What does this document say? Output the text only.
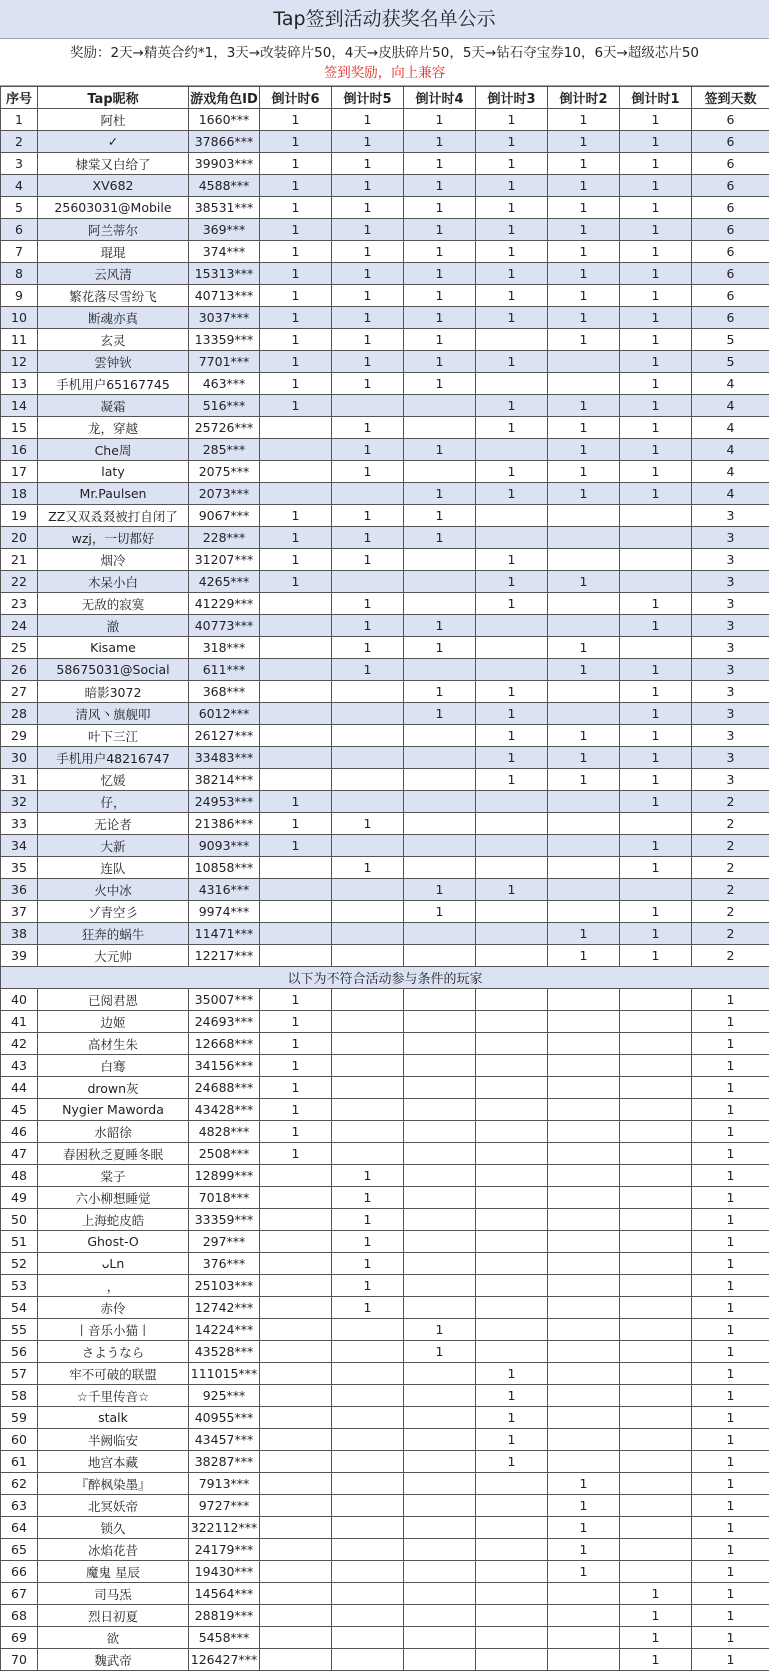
Tap签到活动获奖名单公示
奖励：2天→精英合约*1，3天→改装碎片50，4天→皮肤碎片50，5天→钻石夺宝券10，6天→超级芯片50
签到奖励，向上兼容
序号	Tap昵称	游戏角色ID	倒计时6	倒计时5	倒计时4	倒计时3	倒计时2	倒计时1	签到天数
1	阿杜	1660***	1	1	1	1	1	1	6
2	✓	37866***	1	1	1	1	1	1	6
3	棣棠又白给了	39903***	1	1	1	1	1	1	6
4	XV682	4588***	1	1	1	1	1	1	6
5	25603031@Mobile	38531***	1	1	1	1	1	1	6
6	阿兰蒂尔	369***	1	1	1	1	1	1	6
7	琨琨	374***	1	1	1	1	1	1	6
8	云风清	15313***	1	1	1	1	1	1	6
9	繁花落尽雪纷飞	40713***	1	1	1	1	1	1	6
10	断魂亦真	3037***	1	1	1	1	1	1	6
11	玄灵	13359***	1	1	1		1	1	5
12	雲钟钬	7701***	1	1	1	1		1	5
13	手机用户65167745	463***	1	1	1			1	4
14	凝霜	516***	1			1	1	1	4
15	龙，穿越	25726***		1		1	1	1	4
16	Che周	285***		1	1		1	1	4
17	laty	2075***		1		1	1	1	4
18	Mr.Paulsen	2073***			1	1	1	1	4
19	ZZ又双叒叕被打自闭了	9067***	1	1	1				3
20	wzj，一切都好	228***	1	1	1				3
21	烟冷	31207***	1	1		1			3
22	木呆小白	4265***	1			1	1		3
23	无敌的寂寞	41229***		1		1		1	3
24	澈	40773***		1	1			1	3
25	Kisame	318***		1	1		1		3
26	58675031@Social	611***		1			1	1	3
27	暗影3072	368***			1	1		1	3
28	清风丶旗舰叩	6012***			1	1		1	3
29	叶下三江	26127***				1	1	1	3
30	手机用户48216747	33483***				1	1	1	3
31	忆媛	38214***				1	1	1	3
32	仔，	24953***	1					1	2
33	无论者	21386***	1	1					2
34	大新	9093***	1					1	2
35	连队	10858***		1				1	2
36	火中冰	4316***			1	1			2
37	ゾ青空彡	9974***			1			1	2
38	狂奔的蜗牛	11471***					1	1	2
39	大元帅	12217***					1	1	2
以下为不符合活动参与条件的玩家									
40	已阅君恩	35007***	1						1
41	边姬	24693***	1						1
42	高材生朱	12668***	1						1
43	白骞	34156***	1						1
44	drown灰	24688***	1						1
45	Nygier Maworda	43428***	1						1
46	水韶徐	4828***	1						1
47	春困秋乏夏睡冬眠	2508***	1						1
48	棠子	12899***		1					1
49	六小柳想睡觉	7018***		1					1
50	上海蛇皮皓	33359***		1					1
51	Ghost-O	297***		1					1
52	ᴗLn	376***		1					1
53	，	25103***		1					1
54	赤伶	12742***		1					1
55	丨音乐小猫丨	14224***			1				1
56	さようなら	43528***			1				1
57	牢不可破的联盟	111015***				1			1
58	☆千里传音☆	925***				1			1
59	stalk	40955***				1			1
60	半阙临安	43457***				1			1
61	地宫本藏	38287***				1			1
62	『醉枫染墨』	7913***					1		1
63	北冥妖帝	9727***					1		1
64	锁久	322112***					1		1
65	冰焰花昔	24179***					1		1
66	魔鬼 星辰	19430***					1		1
67	司马炁	14564***						1	1
68	烈日初夏	28819***						1	1
69	欲	5458***						1	1
70	魏武帝	126427***						1	1
